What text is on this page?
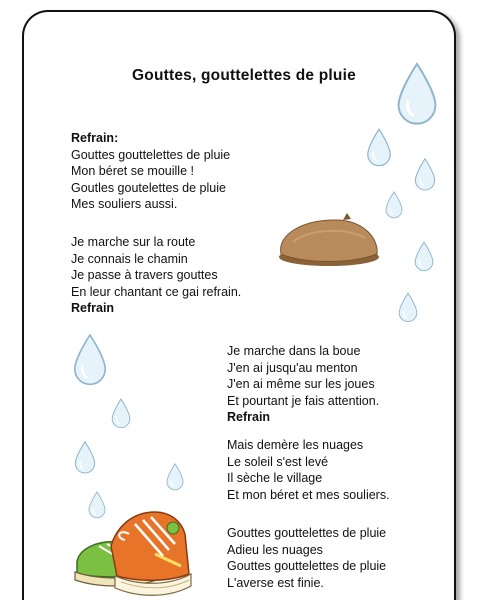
Gouttes, gouttelettes de pluie
Refrain:
Gouttes gouttelettes de pluie
Mon béret se mouille !
Goutles goutelettes de pluie
Mes souliers aussi.
Je marche sur la route
Je connais le chamin
Je passe à travers gouttes
En leur chantant ce gai refrain.
Refrain
Je marche dans la boue
J'en ai jusqu'au menton
J'en ai même sur les joues
Et pourtant je fais attention.
Refrain
Mais demère les nuages
Le soleil s'est levé
Il sèche le village
Et mon béret et mes souliers.
Gouttes gouttelettes de pluie
Adieu les nuages
Gouttes gouttelettes de pluie
L'averse est finie.
